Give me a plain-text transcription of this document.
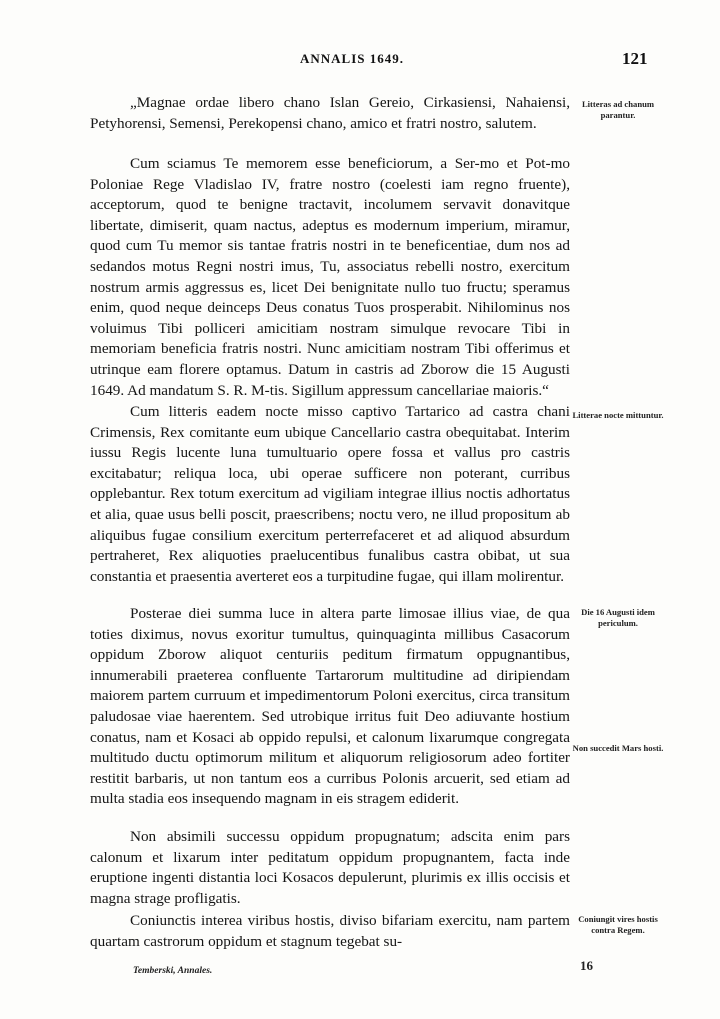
ANNALIS 1649.	121

„Magnae ordae libero chano Islan Gereio, Cirkasiensi, Nahaiensi, Petyhorensi, Semensi, Perekopensi chano, amico et fratri nostro, salutem.

Cum sciamus Te memorem esse beneficiorum, a Ser-mo et Pot-mo Poloniae Rege Vladislao IV, fratre nostro (coelesti iam regno fruente), acceptorum, quod te benigne tractavit, incolumem servavit donavitque libertate, dimiserit, quam nactus, adeptus es modernum imperium, miramur, quod cum Tu memor sis tantae fratris nostri in te beneficentiae, dum nos ad sedandos motus Regni nostri imus, Tu, associatus rebelli nostro, exercitum nostrum armis aggressus es, licet Dei benignitate nullo tuo fructu; speramus enim, quod neque deinceps Deus conatus Tuos prosperabit. Nihilominus nos voluimus Tibi polliceri amicitiam nostram simulque revocare Tibi in memoriam beneficia fratris nostri. Nunc amicitiam nostram Tibi offerimus et utrinque eam florere optamus. Datum in castris ad Zborow die 15 Augusti 1649. Ad mandatum S. R. M-tis. Sigillum appressum cancellariae maioris.“

Cum litteris eadem nocte misso captivo Tartarico ad castra chani Crimensis, Rex comitante eum ubique Cancellario castra obequitabat. Interim iussu Regis lucente luna tumultuario opere fossa et vallus pro castris excitabatur; reliqua loca, ubi operae sufficere non poterant, curribus opplebantur. Rex totum exercitum ad vigiliam integrae illius noctis adhortatus et alia, quae usus belli poscit, praescribens; noctu vero, ne illud propositum ab aliquibus fugae consilium exercitum perterrefaceret et ad aliquod absurdum pertraheret, Rex aliquoties praelucentibus funalibus castra obibat, ut sua constantia et praesentia averteret eos a turpitudine fugae, qui illam molirentur.

Posterae diei summa luce in altera parte limosae illius viae, de qua toties diximus, novus exoritur tumultus, quinquaginta millibus Casacorum oppidum Zborow aliquot centuriis peditum firmatum oppugnantibus, innumerabili praeterea confluente Tartarorum multitudine ad diripiendam maiorem partem curruum et impedimentorum Poloni exercitus, circa transitum paludosae viae haerentem. Sed utrobique irritus fuit Deo adiuvante hostium conatus, nam et Kosaci ab oppido repulsi, et calonum lixarumque congregata multitudo ductu optimorum militum et aliquorum religiosorum adeo fortiter restitit barbaris, ut non tantum eos a curribus Polonis arcuerit, sed etiam ad multa stadia eos insequendo magnam in eis stragem ediderit.

Non absimili successu oppidum propugnatum; adscita enim pars calonum et lixarum inter peditatum oppidum propugnantem, facta inde eruptione ingenti distantia loci Kosacos depulerunt, plurimis ex illis occisis et magna strage profligatis.

Coniunctis interea viribus hostis, diviso bifariam exercitu, nam partem quartam castrorum oppidum et stagnum tegebat su-

Litteras ad chanum parantur.
Litterae nocte mittuntur.
Die 16 Augusti idem periculum.
Non succedit Mars hosti.
Coniungit vires hostis contra Regem.
Temberski, Annales.	16
